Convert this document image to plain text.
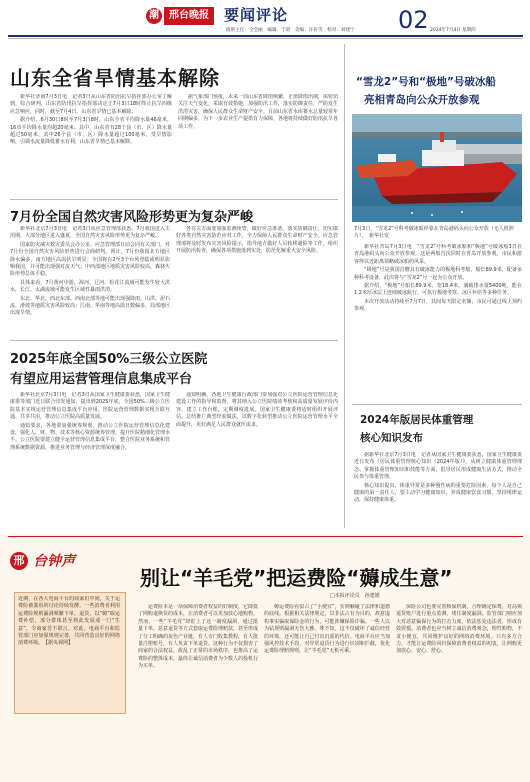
潮	邢台晚报	要闻评论	02 2024年7月4日 星期四
值班主任：仝会丽　编辑：于谌　美编：许岩雪　校对：刘建宁
山东全省旱情基本解除

新华社济南7月3日电　记者3日从山东省防汛抗旱指挥部办公室了解到，综合研判，山东省防汛抗旱指挥部决定于7月3日18时终止抗旱四级应急响应，同时，截至7月4日，山东省旱情已基本解除。

据介绍，6月30日8时至7月3日8时，山东全省平均降水量46毫米，16市平均降水量均超20毫米。其中，山东省有28个县（市、区）降水量超过50毫米，其中26个县（市、区）降水量超过100毫米，受旱情影响，引调水流量降低蓄水有利，山东省旱情已基本解除。

据气象部门预报，未来一周山东省降雨频繁，正值降雨汛期，需密切关注天气变化，采取有效措施，加强防汛工作，落实防御责任，严防发生洪涝灾害，确保人民群众生命财产安全。目前山东省水库蓄水总量较常年同期偏多，为下一步农业生产提供有力保障，各地将持续做好防汛抗旱各项工作。

7月份全国自然灾害风险形势更为复杂严峻

新华社北京7月3日电　记者3日从应急管理部获悉，7月我国进入主汛期，大部分地区进入盛夏，全国自然灾害风险形势更为复杂严峻。

国家防灾减灾救灾委员会办公室、应急管理部日前会同有关部门，对7月份全国自然灾害风险形势进行会商研判。预计，7月份我国北方地区降水偏多，南方地区高温伏旱明显；全国将有2至3个台风登陆或明显影响我国，并可能出现强对流天气；中西部地区地质灾害风险较高，森林火险形势总体平稳。

具体来看，7月黄河中游、海河、辽河、松花江流域可能发生较大洪水，长江、太湖流域可能发生区域性暴雨洪涝。

东北、华北、西北东部、西南北部等地可能出现强降雨，山洪、泥石流、滑坡等地质灾害风险较高；江南、华南等地高温日数偏多，局部地区出现旱情。

各有关方面要加强监测预警，做好应急准备，落实防御责任，切实做好各类自然灾害防范应对工作，全力保障人民群众生命财产安全。应急管理部将及时发布灾害风险提示，指导地方做好人员转移避险等工作，组织开展防汛检查，确保各项措施落到实处，防范化解重大安全风险。

2025年底全国50%三级公立医院
有望应用运营管理信息集成平台

新华社北京7月3日电　记者3日从国家卫生健康委获悉，国家卫生健康委等部门近日联合印发通知，提出到2025年底，全国50%三级公立医院基本实现运营管理信息集成平台应用，医院运营管理数据实现互联互通、共享共用，推动公立医院高质量发展。

通知要求，各地要加强统筹规划，推动公立医院运营管理信息化建设，强化人、财、物、技术等核心资源统筹管理，提升医院精细化管理水平。公立医院要建立健全运营管理信息集成平台，整合医院业务系统和管理系统数据资源，推进业务管理与经济管理深度融合。

通知明确，各地卫生健康行政部门要加强对公立医院运营管理信息化建设工作的指导和监督，将其纳入公立医院绩效考核和高质量发展评价内容，建立工作台账，定期调度进展。国家卫生健康委将适时组织开展评估，总结推广典型经验做法，以数字化转型推动公立医院运营管理水平全面提升，更好满足人民群众就医需求。

“雪龙2”号和“极地”号破冰船
亮相青岛向公众开放参观
7月3日，“雪龙2”号科考破冰船停靠在青岛港码头向公众开放（无人机照片）。　新华社发

新华社青岛7月3日电　“雪龙2”号科考破冰船和“极地”号破冰船3日在青岛港码头向公众开放参观，这是两船首次同时在青岛开放参观，市民和游客得以近距离领略破冰船的风采。

“极地”号是我国首艘具有破冰能力的极地科考船，船长89.9米，配备多种科考设备，此次将与“雪龙2”号一起为公众开放。

据介绍，“极地”号船长89.9米，宽18.4米，满载排水量5400吨，能在1.2米厚冰层上连续破冰航行，可执行极地考察、冰区补给等多种任务。

本次开放活动持续至7月7日，其间每天限定名额，市民可通过线上预约参观。

2024年版居民体重管理
核心知识发布

据新华社北京7月3日电　记者从国家卫生健康委获悉，国家卫生健康委近日发布《居民体重管理核心知识（2024年版）》，从树立健康体重管理理念、掌握体重管理知识和技能等方面，倡导居民形成健康生活方式，推动全民参与体重管理。

核心知识提出，体重异常是多种慢性病的重要危险因素，每个人是自己健康的第一责任人，要主动学习健康知识，养成健康饮食习惯，坚持规律运动，保持健康体重。

邢 台钟声
别让“羊毛党”把运费险“薅成生意”
□本报评论员　孙建媛
近期，在各大电商平台的商家们中间，关于运费险被滥用的讨论持续发酵。一些消费者利用运费险规则漏洞频繁下单、退货，以“薅”取运费补偿，部分群体甚至将此发展成一门“生意”，令商家苦不堪言。对此，电商平台和监管部门应加强规则完善，共同营造良好的网络消费环境。　【据央视网】

运费险本是一项保障消费者权益的好制度，它降低了网购退换货的成本，让消费者可以更加放心地购物。然而，一些“羊毛党”却盯上了这一制度漏洞，通过批量下单、恶意退货等方式套取运费险理赔款，甚至形成了分工明确的灰色产业链，有人专门收集教程，有人批量注册账号，有人负责下单退货。这种行为不仅损害了商家的合法权益，扰乱了正常的市场秩序，也推高了运费险的整体成本，最终让诚信消费者为少数人的投机行为买单。

薅运费险看似占了“小便宜”，实则触碰了法律和道德的底线。根据相关法律规定，以非法占有为目的，故意虚构事实骗取保险金的行为，可能涉嫌保险诈骗。一些人以为钻规则漏洞无伤大雅，殊不知，这不仅破坏了诚信经营的环境，还可能让自己付出沉重的代价。电商平台应当加强风控技术手段，对异常退货行为进行识别和拦截，优化运费险理赔规则，让“羊毛党”无机可乘。

保险公司也要完善核保机制，合理确定保费，对高频退货账户进行重点监测，堵住制度漏洞。监管部门则应加大对恶意骗保行为的打击力度，依法惩处违法者，形成有效震慑。消费者也应当树立诚信消费观念，理性购物，不贪小便宜，共同维护良好的网络消费环境。只有多方合力，才能让运费险回归保障消费者权益的初衷，让网购更加放心、安心、舒心。
